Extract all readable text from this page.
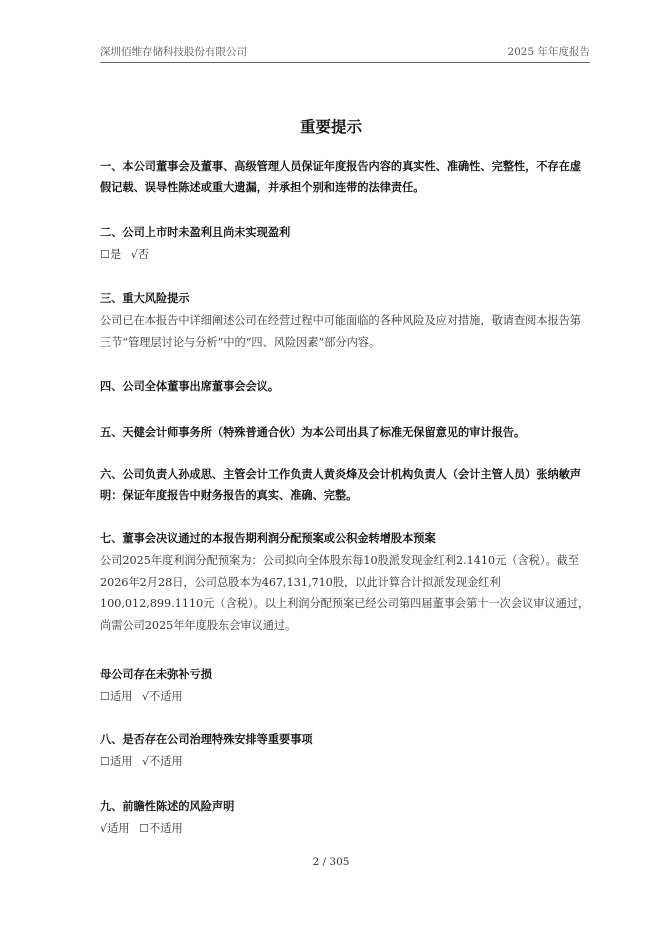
深圳佰维存储科技股份有限公司	2025 年年度报告
重要提示
一、本公司董事会及董事、高级管理人员保证年度报告内容的真实性、准确性、完整性，不存在虚假记载、误导性陈述或重大遗漏，并承担个别和连带的法律责任。
二、公司上市时未盈利且尚未实现盈利
☐是 √否
三、重大风险提示
公司已在本报告中详细阐述公司在经营过程中可能面临的各种风险及应对措施，敬请查阅本报告第三节“管理层讨论与分析”中的“四、风险因素”部分内容。
四、公司全体董事出席董事会会议。
五、天健会计师事务所（特殊普通合伙）为本公司出具了标准无保留意见的审计报告。
六、公司负责人孙成思、主管会计工作负责人黄炎烽及会计机构负责人（会计主管人员）张纳敏声明：保证年度报告中财务报告的真实、准确、完整。
七、董事会决议通过的本报告期利润分配预案或公积金转增股本预案
公司2025年度利润分配预案为：公司拟向全体股东每10股派发现金红利2.1410元（含税）。截至2026年2月28日，公司总股本为467,131,710股，以此计算合计拟派发现金红利100,012,899.1110元（含税）。以上利润分配预案已经公司第四届董事会第十一次会议审议通过，尚需公司2025年年度股东会审议通过。
母公司存在未弥补亏损
☐适用 √不适用
八、是否存在公司治理特殊安排等重要事项
☐适用 √不适用
九、前瞻性陈述的风险声明
√适用 ☐不适用
2 / 305
